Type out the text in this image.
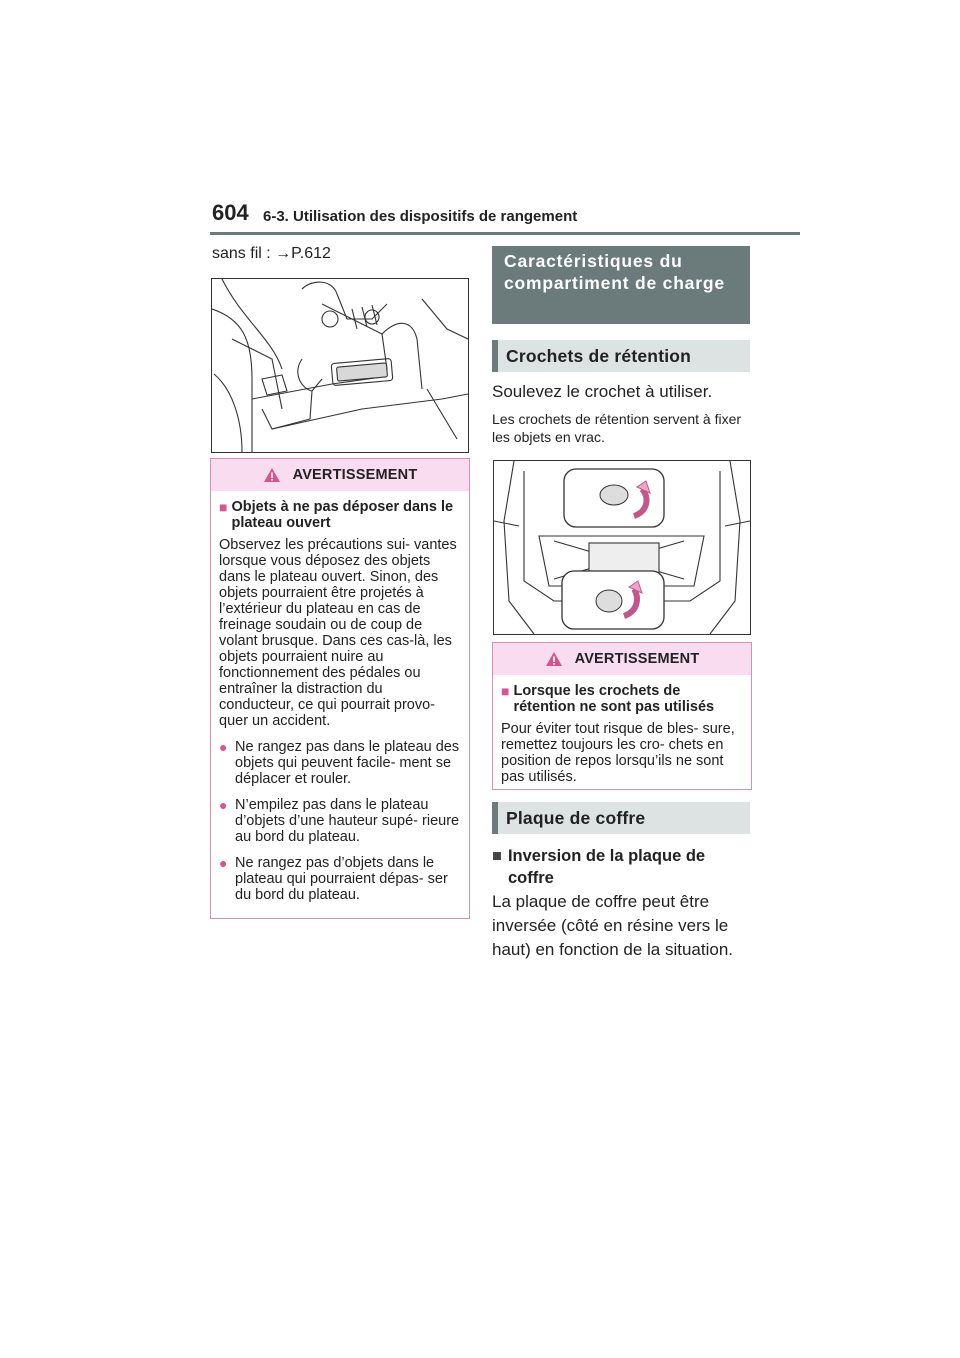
604 6-3. Utilisation des dispositifs de rangement
sans fil : →P.612
AVERTISSEMENT
■ Objets à ne pas déposer dans le plateau ouvert

Observez les précautions sui- vantes lorsque vous déposez des objets dans le plateau ouvert. Sinon, des objets pourraient être projetés à l’extérieur du plateau en cas de freinage soudain ou de coup de volant brusque. Dans ces cas-là, les objets pourraient nuire au fonctionnement des pédales ou entraîner la distraction du conducteur, ce qui pourrait provo- quer un accident.

● Ne rangez pas dans le plateau des objets qui peuvent facile- ment se déplacer et rouler.
● N’empilez pas dans le plateau d’objets d’une hauteur supé- rieure au bord du plateau.
● Ne rangez pas d’objets dans le plateau qui pourraient dépas- ser du bord du plateau.
Caractéristiques du compartiment de charge
Crochets de rétention
Soulevez le crochet à utiliser.
Les crochets de rétention servent à fixer les objets en vrac.
AVERTISSEMENT
■ Lorsque les crochets de rétention ne sont pas utilisés

Pour éviter tout risque de bles- sure, remettez toujours les cro- chets en position de repos lorsqu’ils ne sont pas utilisés.

Plaque de coffre
■ Inversion de la plaque de coffre
La plaque de coffre peut être inversée (côté en résine vers le haut) en fonction de la situation.
